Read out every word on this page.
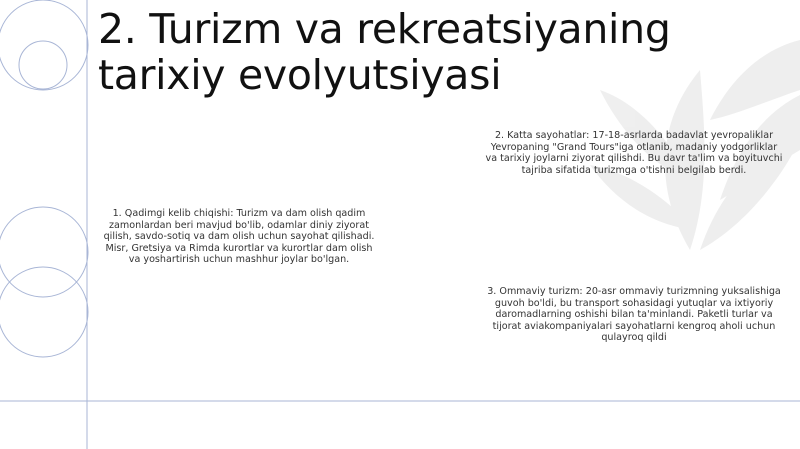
2. Turizm va rekreatsiyaning tarixiy evolyutsiyasi

1. Qadimgi kelib chiqishi: Turizm va dam olish qadim zamonlardan beri mavjud bo'lib, odamlar diniy ziyorat qilish, savdo-sotiq va dam olish uchun sayohat qilishadi. Misr, Gretsiya va Rimda kurortlar va kurortlar dam olish va yoshartirish uchun mashhur joylar bo'lgan.

2. Katta sayohatlar: 17-18-asrlarda badavlat yevropaliklar Yevropaning "Grand Tours"iga otlanib, madaniy yodgorliklar va tarixiy joylarni ziyorat qilishdi. Bu davr ta'lim va boyituvchi tajriba sifatida turizmga o'tishni belgilab berdi.

3. Ommaviy turizm: 20-asr ommaviy turizmning yuksalishiga guvoh bo'ldi, bu transport sohasidagi yutuqlar va ixtiyoriy daromadlarning oshishi bilan ta'minlandi. Paketli turlar va tijorat aviakompaniyalari sayohatlarni kengroq aholi uchun qulayroq qildi
